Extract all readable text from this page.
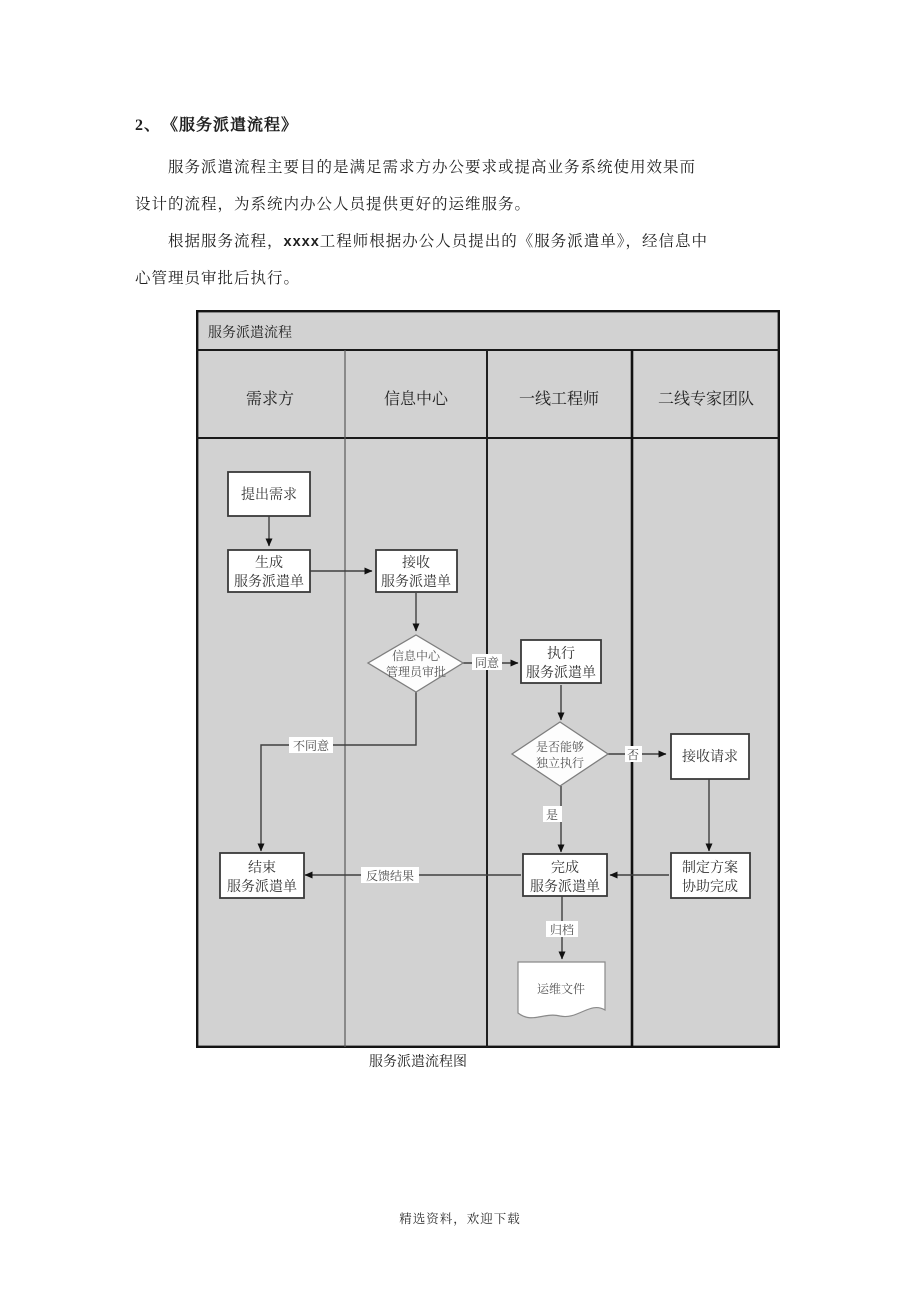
2、 《服务派遣流程》
服务派遣流程主要目的是满足需求方办公要求或提高业务系统使用效果而
设计的流程，为系统内办公人员提供更好的运维服务。
根据服务流程，xxxx工程师根据办公人员提出的《服务派遣单》，经信息中
心管理员审批后执行。
服务派遣流程
需求方	信息中心	一线工程师	二线专家团队
同意
不同意
否
是
反馈结果
归档
提出需求
生成
服务派遣单
接收
服务派遣单
信息中心
管理员审批
执行
服务派遣单
是否能够
独立执行	接收请求
结束
服务派遣单
完成
服务派遣单
制定方案
协助完成
运维文件
服务派遣流程图
精选资料，欢迎下载
